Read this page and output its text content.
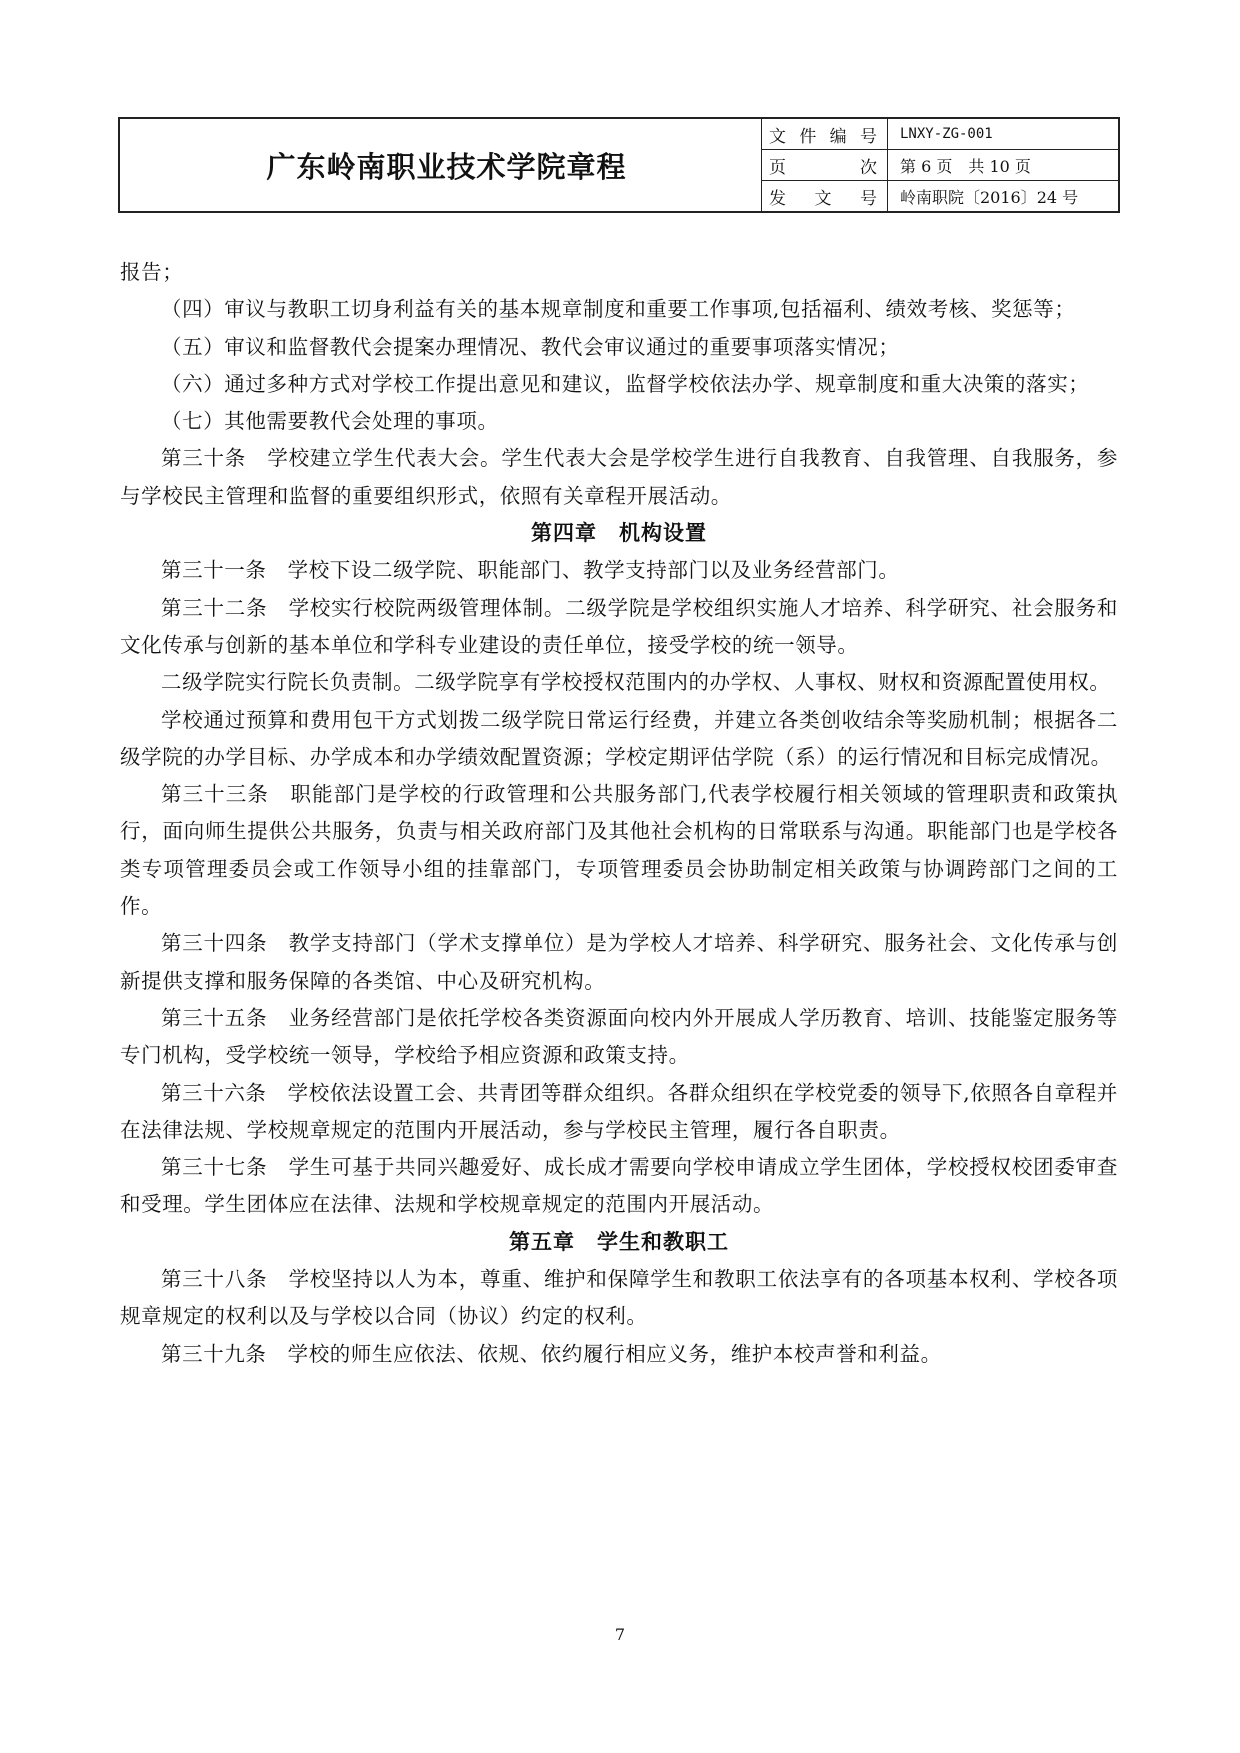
广东岭南职业技术学院章程
文件编号	LNXY-ZG-001
页次	第 6 页　共 10 页
发文号	岭南职院〔2016〕24 号

报告；

（四）审议与教职工切身利益有关的基本规章制度和重要工作事项,包括福利、绩效考核、奖惩等；

（五）审议和监督教代会提案办理情况、教代会审议通过的重要事项落实情况；

（六）通过多种方式对学校工作提出意见和建议，监督学校依法办学、规章制度和重大决策的落实；

（七）其他需要教代会处理的事项。

第三十条　学校建立学生代表大会。学生代表大会是学校学生进行自我教育、自我管理、自我服务，参与学校民主管理和监督的重要组织形式，依照有关章程开展活动。

第四章　机构设置

第三十一条　学校下设二级学院、职能部门、教学支持部门以及业务经营部门。

第三十二条　学校实行校院两级管理体制。二级学院是学校组织实施人才培养、科学研究、社会服务和文化传承与创新的基本单位和学科专业建设的责任单位，接受学校的统一领导。

二级学院实行院长负责制。二级学院享有学校授权范围内的办学权、人事权、财权和资源配置使用权。

学校通过预算和费用包干方式划拨二级学院日常运行经费，并建立各类创收结余等奖励机制；根据各二级学院的办学目标、办学成本和办学绩效配置资源；学校定期评估学院（系）的运行情况和目标完成情况。

第三十三条　职能部门是学校的行政管理和公共服务部门,代表学校履行相关领域的管理职责和政策执行，面向师生提供公共服务，负责与相关政府部门及其他社会机构的日常联系与沟通。职能部门也是学校各类专项管理委员会或工作领导小组的挂靠部门，专项管理委员会协助制定相关政策与协调跨部门之间的工作。

第三十四条　教学支持部门（学术支撑单位）是为学校人才培养、科学研究、服务社会、文化传承与创新提供支撑和服务保障的各类馆、中心及研究机构。

第三十五条　业务经营部门是依托学校各类资源面向校内外开展成人学历教育、培训、技能鉴定服务等专门机构，受学校统一领导，学校给予相应资源和政策支持。

第三十六条　学校依法设置工会、共青团等群众组织。各群众组织在学校党委的领导下,依照各自章程并在法律法规、学校规章规定的范围内开展活动，参与学校民主管理，履行各自职责。

第三十七条　学生可基于共同兴趣爱好、成长成才需要向学校申请成立学生团体，学校授权校团委审查和受理。学生团体应在法律、法规和学校规章规定的范围内开展活动。

第五章　学生和教职工

第三十八条　学校坚持以人为本，尊重、维护和保障学生和教职工依法享有的各项基本权利、学校各项规章规定的权利以及与学校以合同（协议）约定的权利。

第三十九条　学校的师生应依法、依规、依约履行相应义务，维护本校声誉和利益。

7
